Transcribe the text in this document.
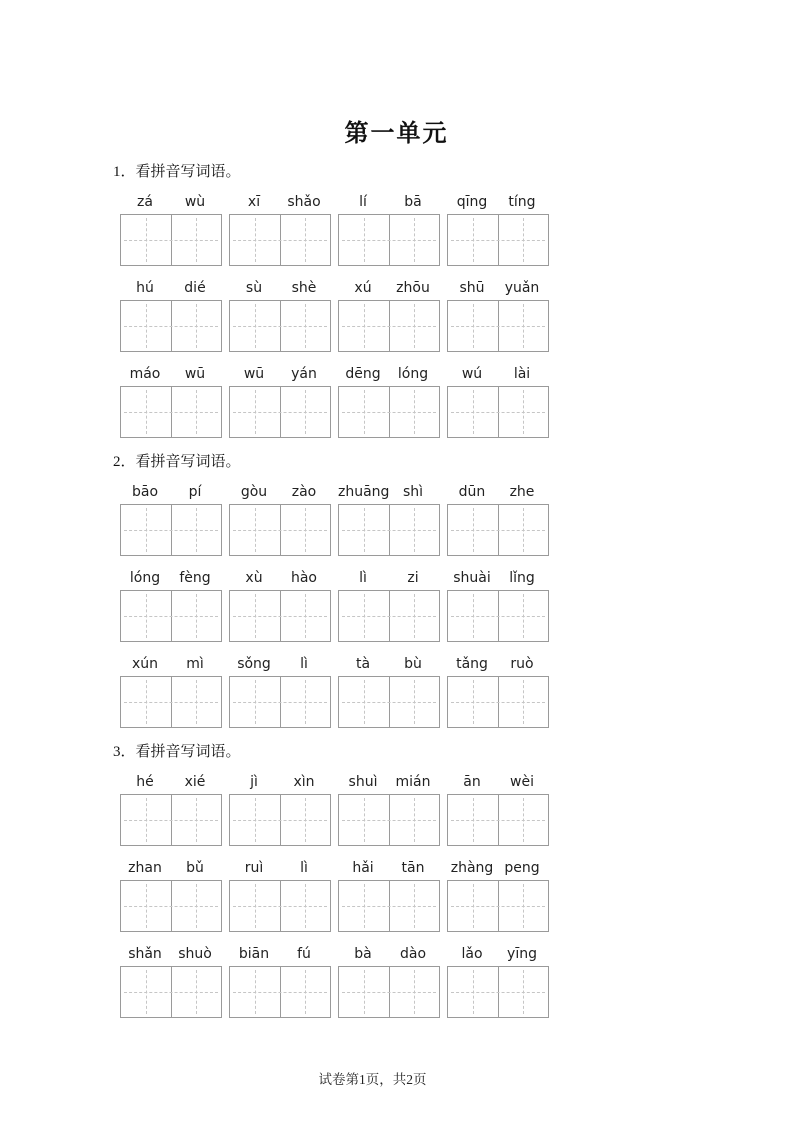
第一单元
1．看拼音写词语。
zá	wù	xī	shǎo	lí	bā	qīng	tíng
hú	dié	sù	shè	xú	zhōu	shū	yuǎn
máo	wū	wū	yán	dēng	lóng	wú	lài
2．看拼音写词语。
bāo	pí	gòu	zào	zhuāng shì	dūn	zhe
lóng	fèng	xù	hào	lì	zi	shuài	lǐng
xún	mì	sǒng	lì	tà	bù	tǎng	ruò
3．看拼音写词语。
hé	xié	jì	xìn	shuì	mián	ān	wèi
zhan	bǔ	ruì	lì	hǎi	tān	zhàng peng
shǎn	shuò	biān	fú	bà	dào	lǎo	yīng
试卷第1页，共2页
